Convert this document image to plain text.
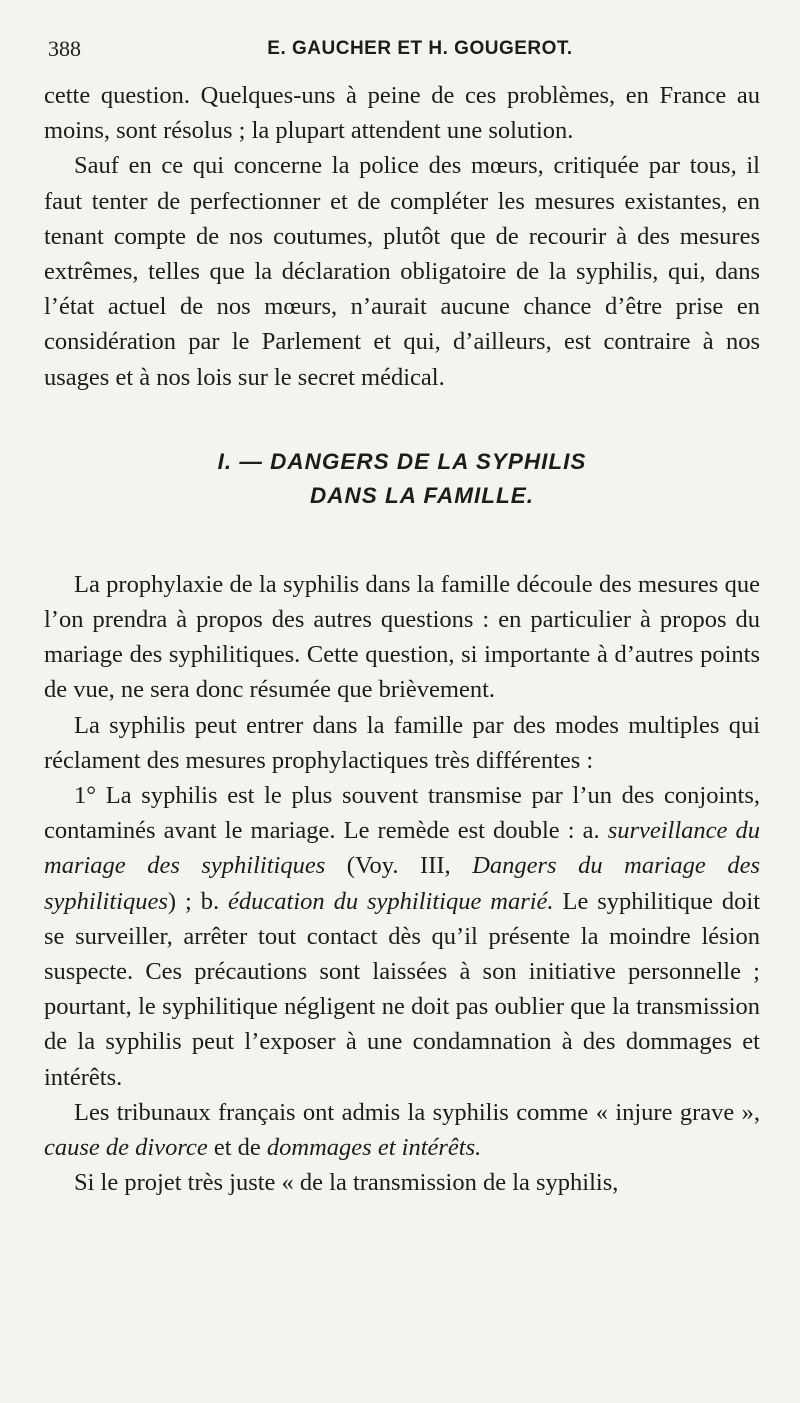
388	E. GAUCHER ET H. GOUGEROT.

cette question. Quelques-uns à peine de ces problèmes, en France au moins, sont résolus ; la plupart attendent une solution.

Sauf en ce qui concerne la police des mœurs, critiquée par tous, il faut tenter de perfectionner et de compléter les mesures existantes, en tenant compte de nos coutumes, plutôt que de recourir à des mesures extrêmes, telles que la déclaration obligatoire de la syphilis, qui, dans l’état actuel de nos mœurs, n’aurait aucune chance d’être prise en considération par le Parlement et qui, d’ailleurs, est contraire à nos usages et à nos lois sur le secret médical.

I. — DANGERS DE LA SYPHILIS
DANS LA FAMILLE.

La prophylaxie de la syphilis dans la famille découle des mesures que l’on prendra à propos des autres questions : en particulier à propos du mariage des syphilitiques. Cette question, si importante à d’autres points de vue, ne sera donc résumée que brièvement.

La syphilis peut entrer dans la famille par des modes multiples qui réclament des mesures prophylactiques très différentes :

1° La syphilis est le plus souvent transmise par l’un des conjoints, contaminés avant le mariage. Le remède est double : a. surveillance du mariage des syphilitiques (Voy. III, Dangers du mariage des syphilitiques) ; b. éducation du syphilitique marié. Le syphilitique doit se surveiller, arrêter tout contact dès qu’il présente la moindre lésion suspecte. Ces précautions sont laissées à son initiative personnelle ; pourtant, le syphilitique négligent ne doit pas oublier que la transmission de la syphilis peut l’exposer à une condamnation à des dommages et intérêts.

Les tribunaux français ont admis la syphilis comme « injure grave », cause de divorce et de dommages et intérêts.

Si le projet très juste « de la transmission de la syphilis,
